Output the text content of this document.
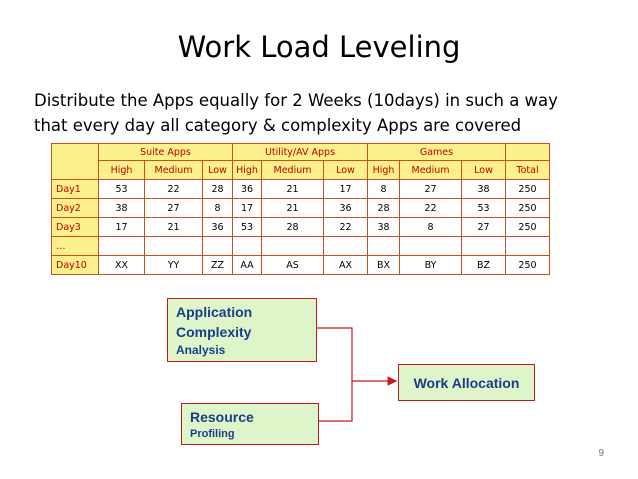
Work Load Leveling
Distribute the Apps equally for 2 Weeks (10days) in such a way
that every day all category & complexity Apps are covered
	Suite Apps			Utility/AV Apps			Games			
	High	Medium	Low	High	Medium	Low	High	Medium	Low	Total
Day1	53	22	28	36	21	17	8	27	38	250
Day2	38	27	8	17	21	36	28	22	53	250
Day3	17	21	36	53	28	22	38	8	27	250
…										
Day10	XX	YY	ZZ	AA	AS	AX	BX	BY	BZ	250
Application
Complexity
Analysis
Resource
Profiling
Work Allocation
9
